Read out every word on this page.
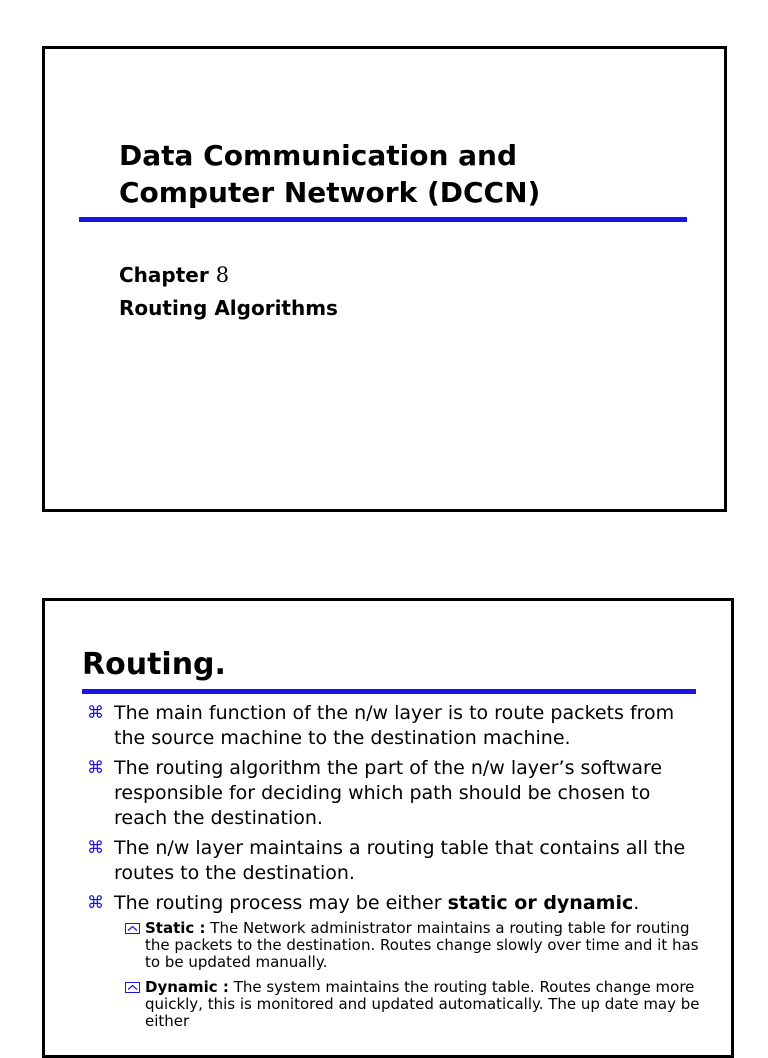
Data Communication and
Computer Network (DCCN)
Chapter 8
Routing Algorithms
Routing.
⌘ The main function of the n/w layer is to route packets from the source machine to the destination machine.
⌘ The routing algorithm the part of the n/w layer’s software responsible for deciding which path should be chosen to reach the destination.
⌘ The n/w layer maintains a routing table that contains all the routes to the destination.
⌘ The routing process may be either static or dynamic.
Static : The Network administrator maintains a routing table for routing the packets to the destination. Routes change slowly over time and it has to be updated manually.
Dynamic : The system maintains the routing table. Routes change more quickly, this is monitored and updated automatically. The up date may be either
